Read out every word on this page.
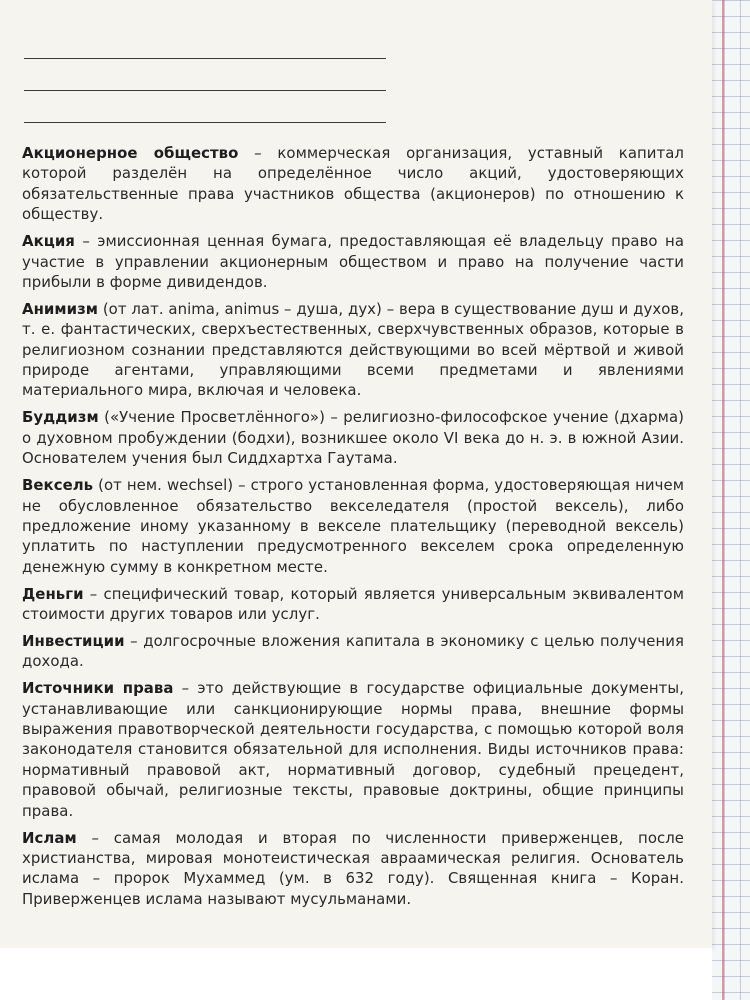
Акционерное общество – коммерческая организация, уставный капитал которой разделён на определённое число акций, удостоверяющих обязательственные права участников общества (акционеров) по отношению к обществу.

Акция – эмиссионная ценная бумага, предоставляющая её владельцу право на участие в управлении акционерным обществом и право на получение части прибыли в форме дивидендов.

Анимизм (от лат. anima, animus – душа, дух) – вера в существование душ и духов, т. е. фантастических, сверхъестественных, сверхчувственных образов, которые в религиозном сознании представляются действующими во всей мёртвой и живой природе агентами, управляющими всеми предметами и явлениями материального мира, включая и человека.

Буддизм («Учение Просветлённого») – религиозно-философское учение (дхарма) о духовном пробуждении (бодхи), возникшее около VI века до н. э. в южной Азии. Основателем учения был Сиддхартха Гаутама.

Вексель (от нем. wechsel) – строго установленная форма, удостоверяющая ничем не обусловленное обязательство векселедателя (простой вексель), либо предложение иному указанному в векселе плательщику (переводной вексель) уплатить по наступлении предусмотренного векселем срока определенную денежную сумму в конкретном месте.

Деньги – специфический товар, который является универсальным эквивалентом стоимости других товаров или услуг.

Инвестиции – долгосрочные вложения капитала в экономику с целью получения дохода.

Источники права – это действующие в государстве официальные документы, устанавливающие или санкционирующие нормы права, внешние формы выражения правотворческой деятельности государства, с помощью которой воля законодателя становится обязательной для исполнения. Виды источников права: нормативный правовой акт, нормативный договор, судебный прецедент, правовой обычай, религиозные тексты, правовые доктрины, общие принципы права.

Ислам – самая молодая и вторая по численности приверженцев, после христианства, мировая монотеистическая авраамическая религия. Основатель ислама – пророк Мухаммед (ум. в 632 году). Священная книга – Коран. Приверженцев ислама называют мусульманами.
